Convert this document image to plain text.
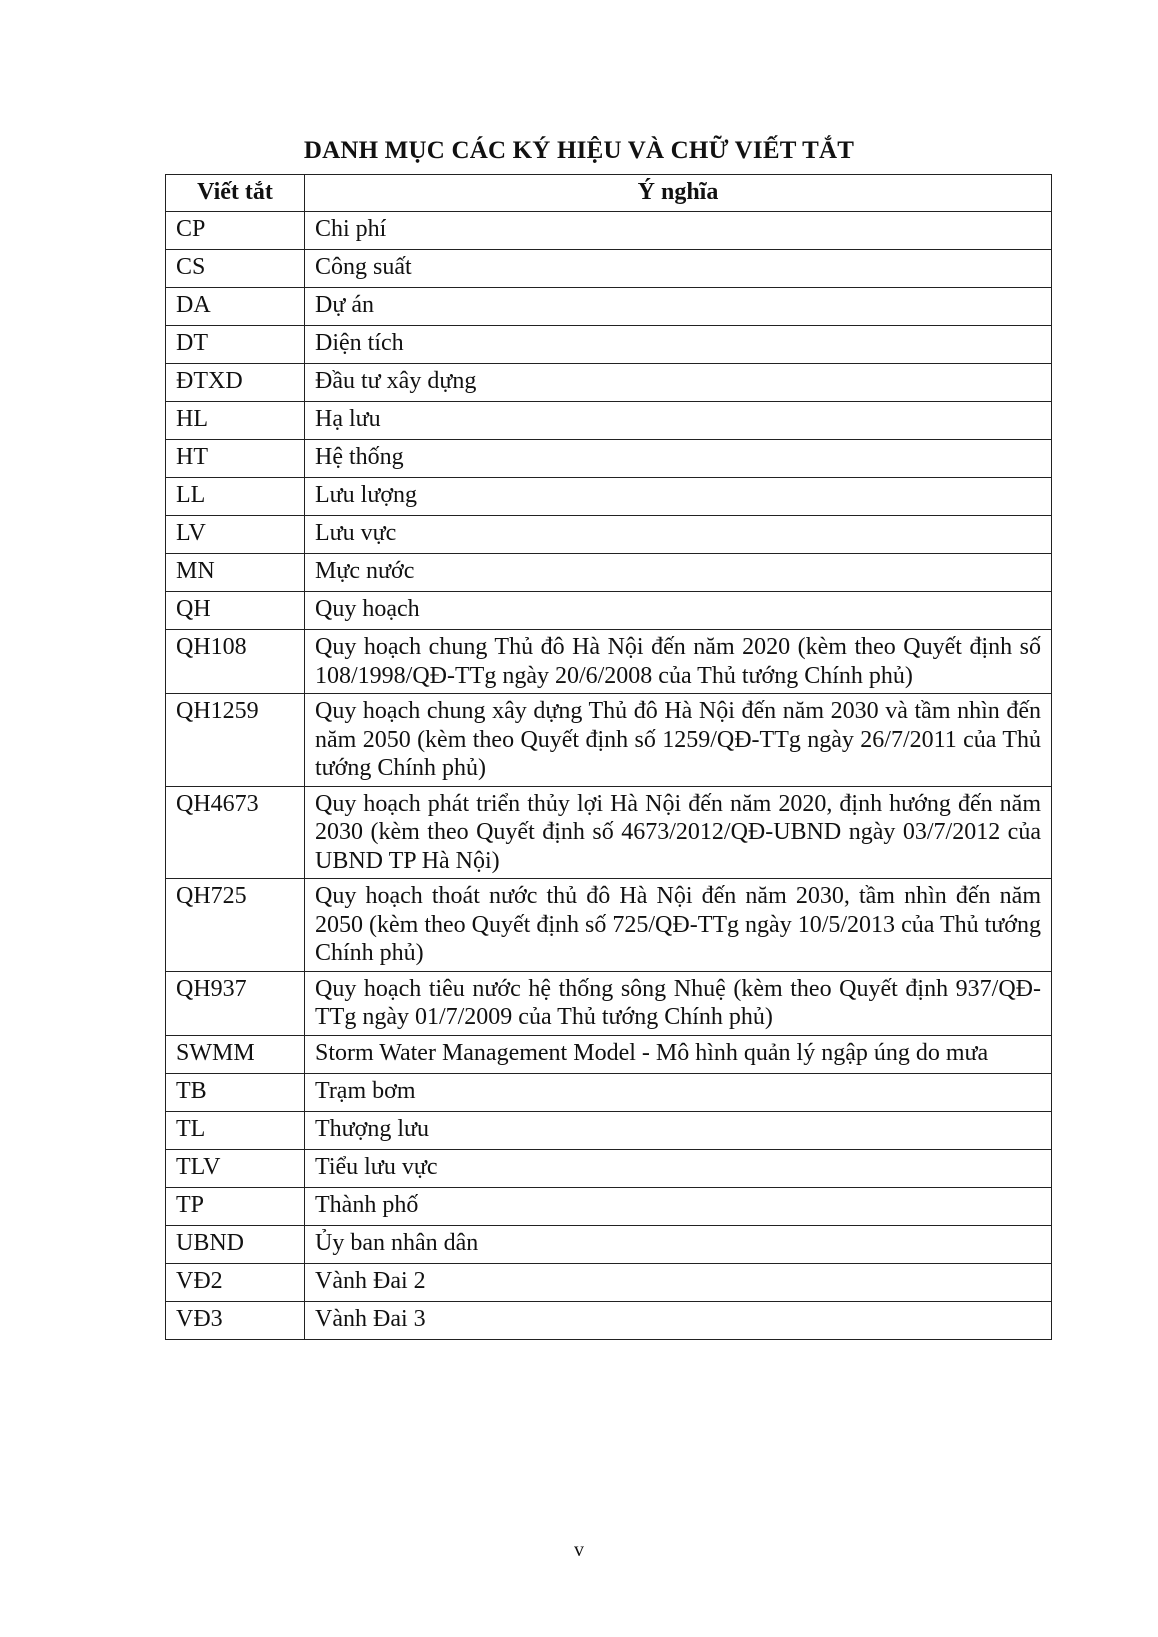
DANH MỤC CÁC KÝ HIỆU VÀ CHỮ VIẾT TẮT
Viết tắt	Ý nghĩa
CP	Chi phí
CS	Công suất
DA	Dự án
DT	Diện tích
ĐTXD	Đầu tư xây dựng
HL	Hạ lưu
HT	Hệ thống
LL	Lưu lượng
LV	Lưu vực
MN	Mực nước
QH	Quy hoạch
QH108	Quy hoạch chung Thủ đô Hà Nội đến năm 2020 (kèm theo Quyết định số 108/1998/QĐ-TTg ngày 20/6/2008 của Thủ tướng Chính phủ)
QH1259	Quy hoạch chung xây dựng Thủ đô Hà Nội đến năm 2030 và tầm nhìn đến năm 2050 (kèm theo Quyết định số 1259/QĐ-TTg ngày 26/7/2011 của Thủ tướng Chính phủ)
QH4673	Quy hoạch phát triển thủy lợi Hà Nội đến năm 2020, định hướng đến năm 2030 (kèm theo Quyết định số 4673/2012/QĐ-UBND ngày 03/7/2012 của UBND TP Hà Nội)
QH725	Quy hoạch thoát nước thủ đô Hà Nội đến năm 2030, tầm nhìn đến năm 2050 (kèm theo Quyết định số 725/QĐ-TTg ngày 10/5/2013 của Thủ tướng Chính phủ)
QH937	Quy hoạch tiêu nước hệ thống sông Nhuệ (kèm theo Quyết định 937/QĐ-TTg ngày 01/7/2009 của Thủ tướng Chính phủ)
SWMM	Storm Water Management Model - Mô hình quản lý ngập úng do mưa
TB	Trạm bơm
TL	Thượng lưu
TLV	Tiểu lưu vực
TP	Thành phố
UBND	Ủy ban nhân dân
VĐ2	Vành Đai 2
VĐ3	Vành Đai 3
v
